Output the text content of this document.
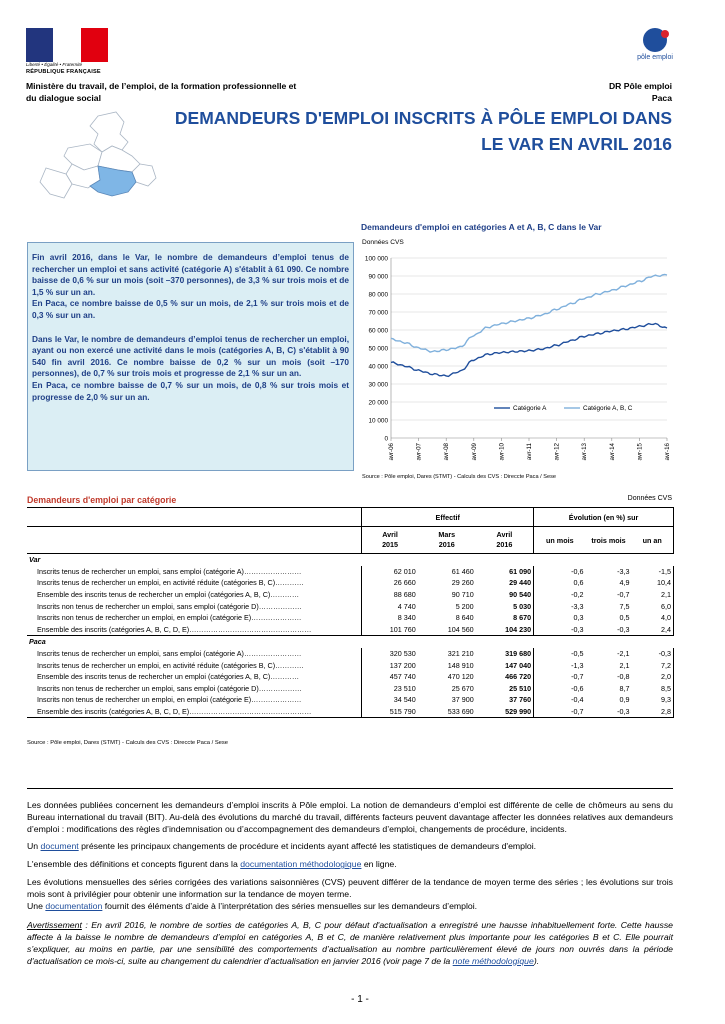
Liberté • Égalité • Fraternité
RÉPUBLIQUE FRANÇAISE
pôle emploi
Ministère du travail, de l’emploi, de la formation professionnelle et
du dialogue social
DR Pôle emploi
Paca
DEMANDEURS D'EMPLOI INSCRITS À PÔLE EMPLOI DANS
LE VAR EN AVRIL 2016

Fin avril 2016, dans le Var, le nombre de demandeurs d’emploi tenus de rechercher un emploi et sans activité (catégorie A) s'établit à 61 090. Ce nombre baisse de 0,6 % sur un mois (soit –370 personnes), de 3,3 % sur trois mois et de 1,5 % sur un an.
En Paca, ce nombre baisse de 0,5 % sur un mois, de 2,1 % sur trois mois et de 0,3 % sur un an.

Dans le Var, le nombre de demandeurs d’emploi tenus de rechercher un emploi, ayant ou non exercé une activité dans le mois (catégories A, B, C) s'établit à 90 540 fin avril 2016. Ce nombre baisse de 0,2 % sur un mois (soit –170 personnes), de 0,7 % sur trois mois et progresse de 2,1 % sur un an.
En Paca, ce nombre baisse de 0,7 % sur un mois, de 0,8 % sur trois mois et progresse de 2,0 % sur un an.

Demandeurs d'emploi en catégories A et A, B, C dans le Var
Données CVS
0
10 000
20 000
30 000
40 000
50 000
60 000
70 000
80 000
90 000
100 000
avr-06	avr-07	avr-08	avr-09	avr-10	avr-11	avr-12	avr-13	avr-14	avr-15	avr-16
Catégorie A	Catégorie A, B, C
Source : Pôle emploi, Dares (STMT) - Calculs des CVS : Direccte Paca / Sese
Demandeurs d'emploi par catégorie	Données CVS
	Effectif			Évolution (en %) sur		
	Avril
2015	Mars
2016	Avril
2016	un mois	trois mois	un an
Var						
Inscrits tenus de rechercher un emploi, sans emploi (catégorie A)……………………	62 010	61 460	61 090	-0,6	-3,3	-1,5
Inscrits tenus de rechercher un emploi, en activité réduite (catégories B, C)…………	26 660	29 260	29 440	0,6	4,9	10,4
Ensemble des inscrits tenus de rechercher un emploi (catégories A, B, C)…………	88 680	90 710	90 540	-0,2	-0,7	2,1
Inscrits non tenus de rechercher un emploi, sans emploi (catégorie D)………………	4 740	5 200	5 030	-3,3	7,5	6,0
Inscrits non tenus de rechercher un emploi, en emploi (catégorie E)…………………	8 340	8 640	8 670	0,3	0,5	4,0
Ensemble des inscrits (catégories A, B, C, D, E)……………………………………………	101 760	104 560	104 230	-0,3	-0,3	2,4
Paca						
Inscrits tenus de rechercher un emploi, sans emploi (catégorie A)……………………	320 530	321 210	319 680	-0,5	-2,1	-0,3
Inscrits tenus de rechercher un emploi, en activité réduite (catégories B, C)…………	137 200	148 910	147 040	-1,3	2,1	7,2
Ensemble des inscrits tenus de rechercher un emploi (catégories A, B, C)…………	457 740	470 120	466 720	-0,7	-0,8	2,0
Inscrits non tenus de rechercher un emploi, sans emploi (catégorie D)………………	23 510	25 670	25 510	-0,6	8,7	8,5
Inscrits non tenus de rechercher un emploi, en emploi (catégorie E)…………………	34 540	37 900	37 760	-0,4	0,9	9,3
Ensemble des inscrits (catégories A, B, C, D, E)……………………………………………	515 790	533 690	529 990	-0,7	-0,3	2,8
Source : Pôle emploi, Dares (STMT) - Calculs des CVS : Direccte Paca / Sese

Les données publiées concernent les demandeurs d’emploi inscrits à Pôle emploi. La notion de demandeurs d’emploi est différente de celle de chômeurs au sens du Bureau international du travail (BIT). Au-delà des évolutions du marché du travail, différents facteurs peuvent davantage affecter les données relatives aux demandeurs d’emploi : modifications des règles d’indemnisation ou d’accompagnement des demandeurs d’emploi, changements de procédure, incidents.

Un document présente les principaux changements de procédure et incidents ayant affecté les statistiques de demandeurs d'emploi.

L'ensemble des définitions et concepts figurent dans la documentation méthodologique en ligne.

Les évolutions mensuelles des séries corrigées des variations saisonnières (CVS) peuvent différer de la tendance de moyen terme des séries ; les évolutions sur trois mois sont à privilégier pour obtenir une information sur la tendance de moyen terme.
Une documentation fournit des éléments d’aide à l’interprétation des séries mensuelles sur les demandeurs d’emploi.

Avertissement : En avril 2016, le nombre de sorties de catégories A, B, C pour défaut d'actualisation a enregistré une hausse inhabituellement forte. Cette hausse affecte à la baisse le nombre de demandeurs d’emploi en catégories A, B et C, de manière relativement plus importante pour les catégories B et C. Elle pourrait s’expliquer, au moins en partie, par une sensibilité des comportements d’actualisation au nombre particulièrement élevé de jours non ouvrés dans la période d'actualisation ce mois-ci, suite au changement du calendrier d’actualisation en janvier 2016 (voir page 7 de la note méthodologique).

- 1 -
